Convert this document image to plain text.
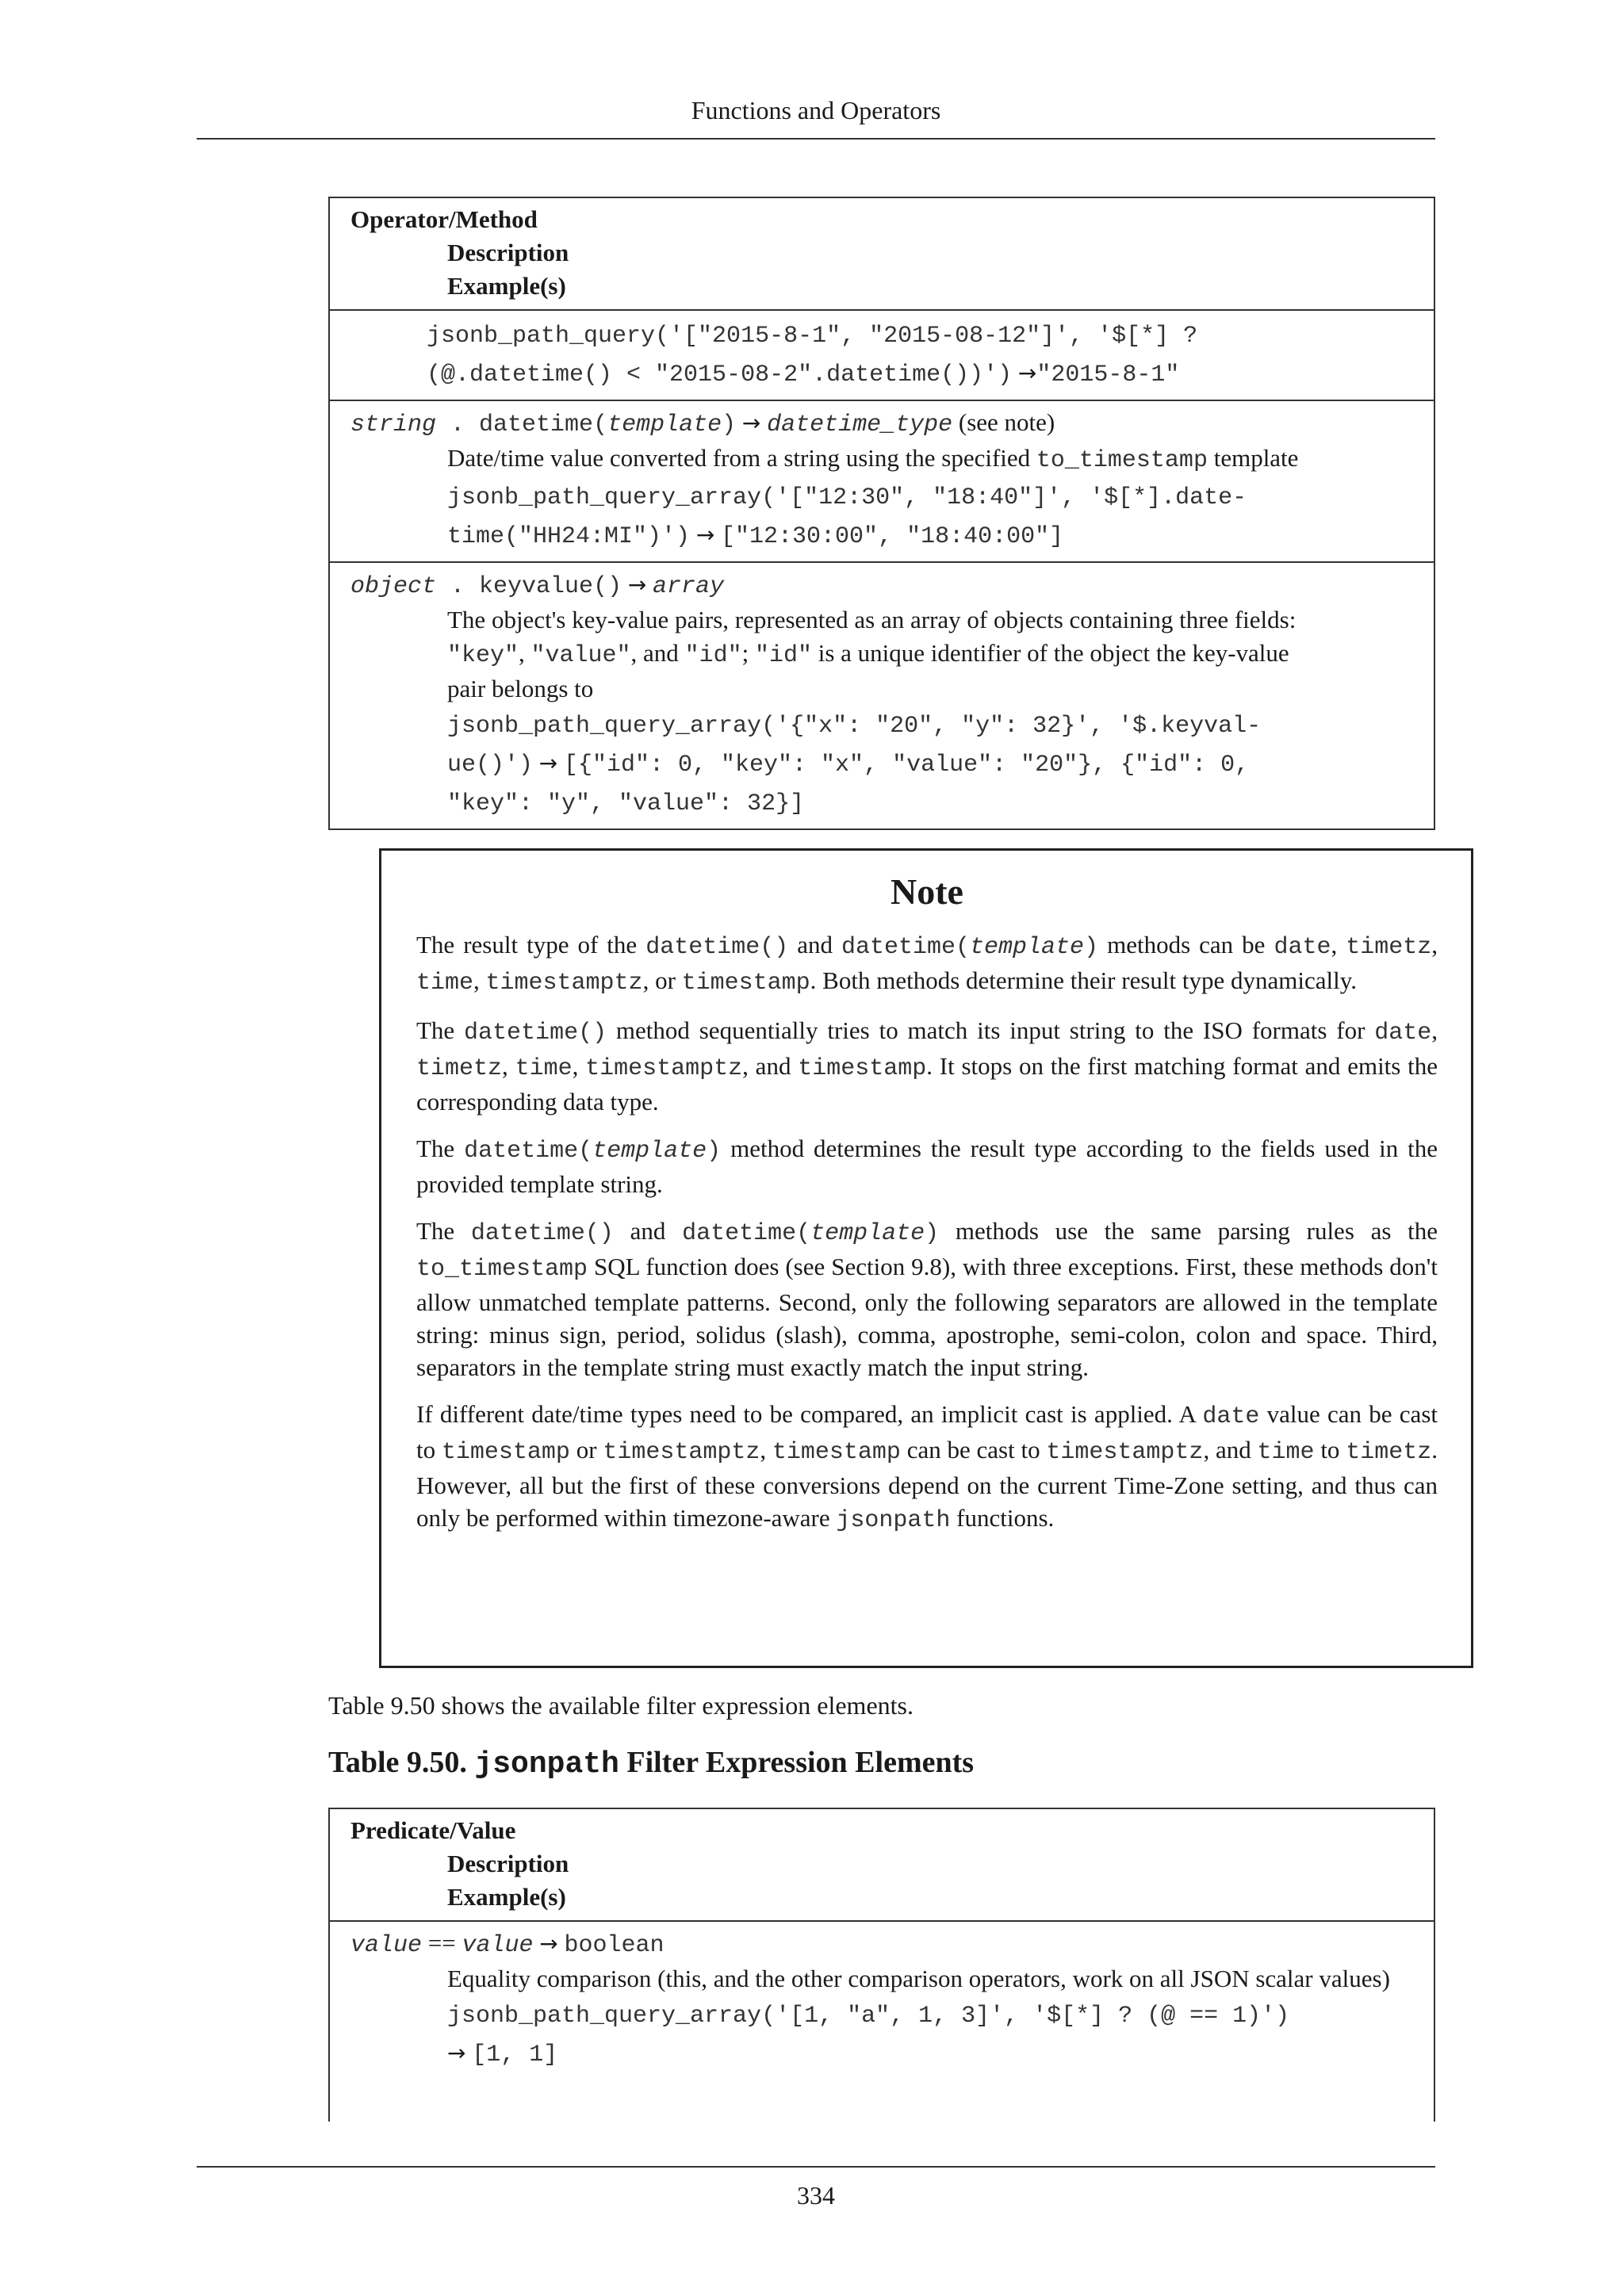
Functions and Operators
Operator/Method
Description
Example(s)
jsonb_path_query('["2015-8-1", "2015-08-12"]', '$[*] ?
(@.datetime() < "2015-08-2".datetime())') →"2015-8-1"
string . datetime(template) → datetime_type (see note)
Date/time value converted from a string using the specified to_timestamp template
jsonb_path_query_array('["12:30", "18:40"]', '$[*].date-
time("HH24:MI")') → ["12:30:00", "18:40:00"]
object . keyvalue() → array
The object's key-value pairs, represented as an array of objects containing three fields:
"key", "value", and "id"; "id" is a unique identifier of the object the key-value
pair belongs to
jsonb_path_query_array('{"x": "20", "y": 32}', '$.keyval-
ue()') → [{"id": 0, "key": "x", "value": "20"}, {"id": 0,
"key": "y", "value": 32}]
Note

The result type of the datetime() and datetime(template) methods can be date, timetz, time, timestamptz, or timestamp. Both methods determine their result type dynamically.

The datetime() method sequentially tries to match its input string to the ISO formats for date, timetz, time, timestamptz, and timestamp. It stops on the first matching format and emits the corresponding data type.

The datetime(template) method determines the result type according to the fields used in the provided template string.

The datetime() and datetime(template) methods use the same parsing rules as the to_timestamp SQL function does (see Section 9.8), with three exceptions. First, these methods don't allow unmatched template patterns. Second, only the following separators are allowed in the template string: minus sign, period, solidus (slash), comma, apostrophe, semi-colon, colon and space. Third, separators in the template string must exactly match the input string.

If different date/time types need to be compared, an implicit cast is applied. A date value can be cast to timestamp or timestamptz, timestamp can be cast to timestamptz, and time to timetz. However, all but the first of these conversions depend on the current Time-Zone setting, and thus can only be performed within timezone-aware jsonpath functions.

Table 9.50 shows the available filter expression elements.
Table 9.50. jsonpath Filter Expression Elements
Predicate/Value
Description
Example(s)
value == value → boolean
Equality comparison (this, and the other comparison operators, work on all JSON scalar values)
jsonb_path_query_array('[1, "a", 1, 3]', '$[*] ? (@ == 1)')
→ [1, 1]
334
